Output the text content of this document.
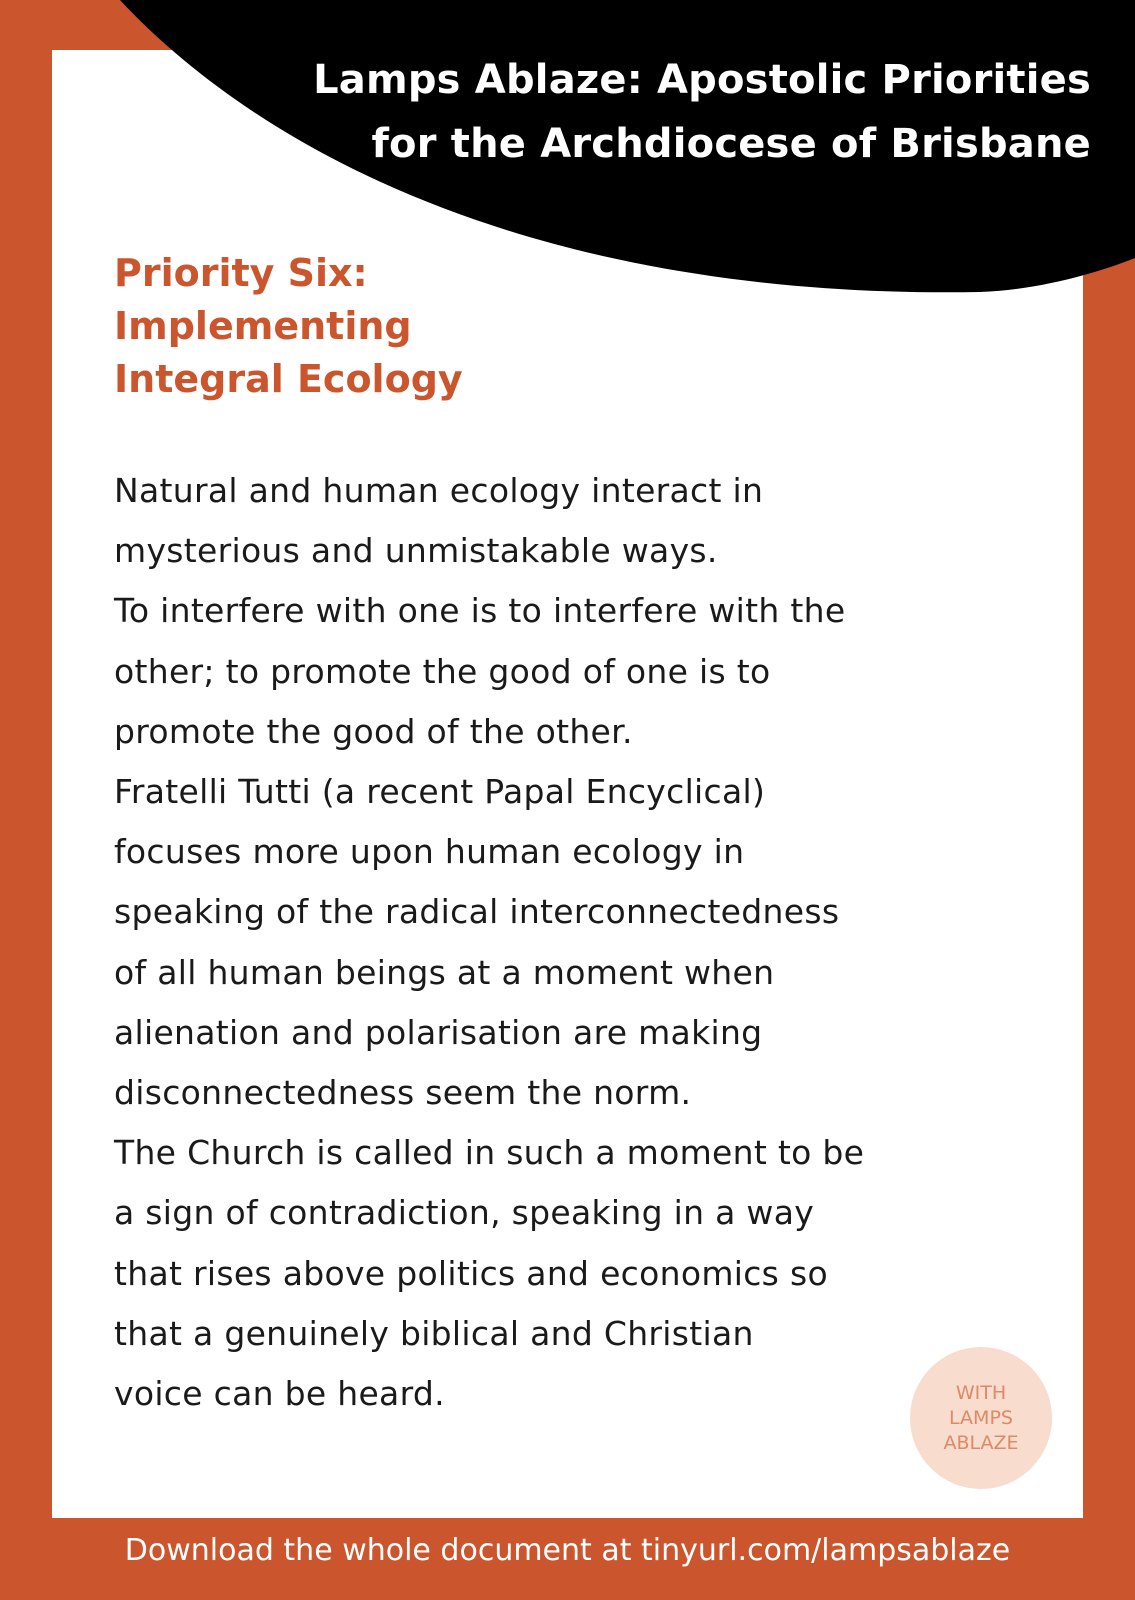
Lamps Ablaze: Apostolic Priorities
for the Archdiocese of Brisbane
Priority Six:
Implementing
Integral Ecology
Natural and human ecology interact in
mysterious and unmistakable ways.
To interfere with one is to interfere with the
other; to promote the good of one is to
promote the good of the other.
Fratelli Tutti (a recent Papal Encyclical)
focuses more upon human ecology in
speaking of the radical interconnectedness
of all human beings at a moment when
alienation and polarisation are making
disconnectedness seem the norm.
The Church is called in such a moment to be
a sign of contradiction, speaking in a way
that rises above politics and economics so
that a genuinely biblical and Christian
voice can be heard.	WITH
LAMPS
ABLAZE
Download the whole document at tinyurl.com/lampsablaze
